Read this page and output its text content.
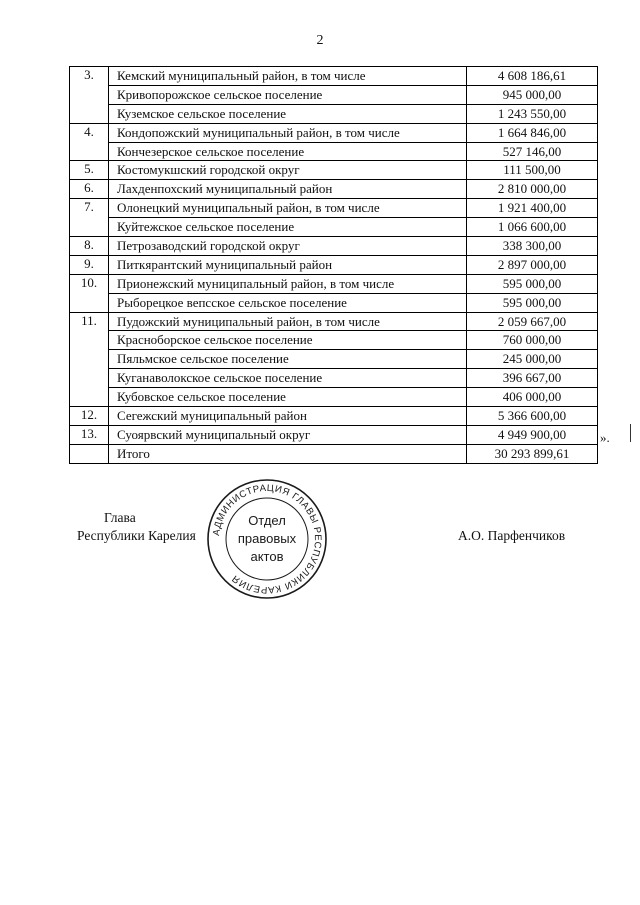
2
3.	Кемский муниципальный район, в том числе	4 608 186,61
	Кривопорожское сельское поселение	945 000,00
	Куземское сельское поселение	1 243 550,00
4.	Кондопожский муниципальный район, в том числе	1 664 846,00
	Кончезерское сельское поселение	527 146,00
5.	Костомукшский городской округ	111 500,00
6.	Лахденпохский муниципальный район	2 810 000,00
7.	Олонецкий муниципальный район, в том числе	1 921 400,00
	Куйтежское сельское поселение	1 066 600,00
8.	Петрозаводский городской округ	338 300,00
9.	Питкярантский муниципальный район	2 897 000,00
10.	Прионежский муниципальный район, в том числе	595 000,00
	Рыборецкое вепсское сельское поселение	595 000,00
11.	Пудожский муниципальный район, в том числе	2 059 667,00
	Красноборское сельское поселение	760 000,00
	Пяльмское сельское поселение	245 000,00
	Куганаволокское сельское поселение	396 667,00
	Кубовское сельское поселение	406 000,00
12.	Сегежский муниципальный район	5 366 600,00
13.	Суоярвский муниципальный округ	4 949 900,00
	Итого	30 293 899,61
».
Глава
Республики Карелия	А.О. Парфенчиков
АДМИНИСТРАЦИЯ ГЛАВЫ РЕСПУБЛИКИ КАРЕЛИЯ
Отдел
правовых
актов
